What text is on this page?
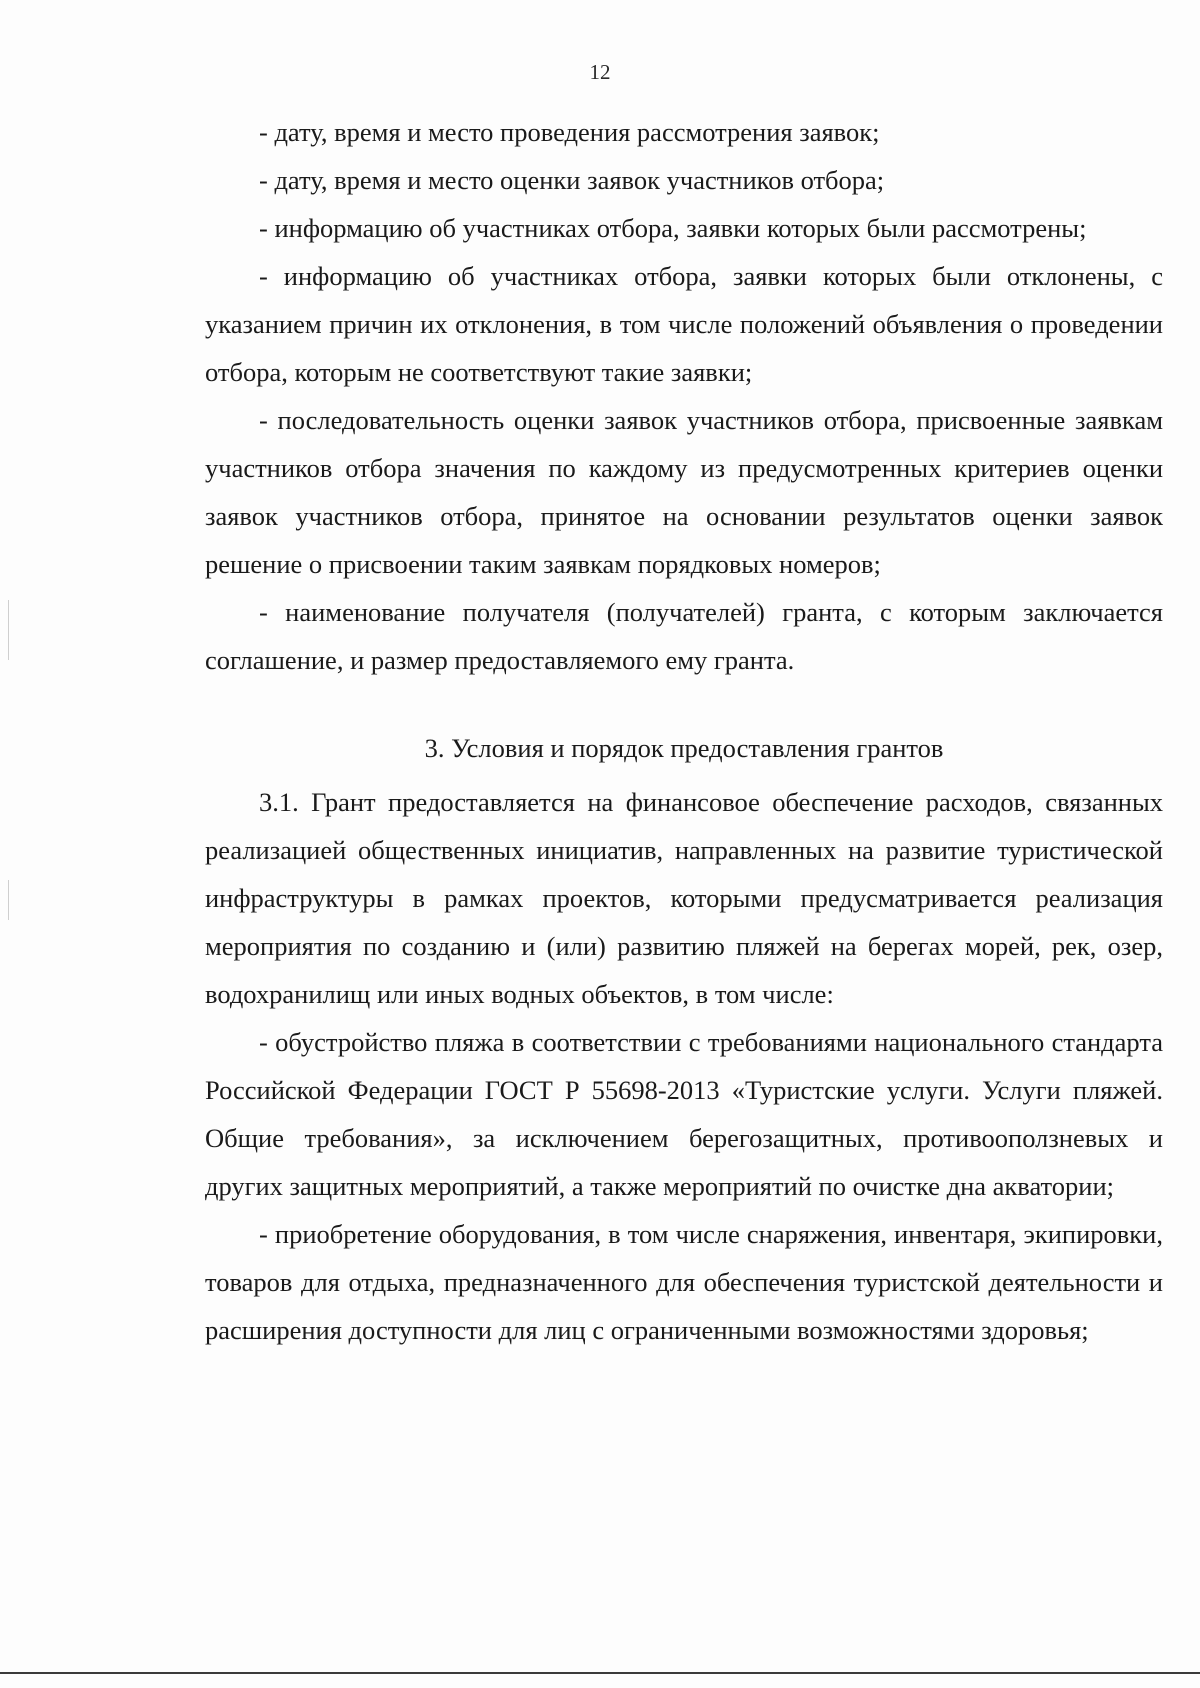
12

- дату, время и место проведения рассмотрения заявок;

- дату, время и место оценки заявок участников отбора;

- информацию об участниках отбора, заявки которых были рассмотрены;

- информацию об участниках отбора, заявки которых были отклонены, с указанием причин их отклонения, в том числе положений объявления о проведении отбора, которым не соответствуют такие заявки;

- последовательность оценки заявок участников отбора, присвоенные заявкам участников отбора значения по каждому из предусмотренных критериев оценки заявок участников отбора, принятое на основании результатов оценки заявок решение о присвоении таким заявкам порядковых номеров;

- наименование получателя (получателей) гранта, с которым заключается соглашение, и размер предоставляемого ему гранта.

3. Условия и порядок предоставления грантов

3.1. Грант предоставляется на финансовое обеспечение расходов, связанных реализацией общественных инициатив, направленных на развитие туристической инфраструктуры в рамках проектов, которыми предусматривается реализация мероприятия по созданию и (или) развитию пляжей на берегах морей, рек, озер, водохранилищ или иных водных объектов, в том числе:

- обустройство пляжа в соответствии с требованиями национального стандарта Российской Федерации ГОСТ Р 55698-2013 «Туристские услуги. Услуги пляжей. Общие требования», за исключением берегозащитных, противооползневых и других защитных мероприятий, а также мероприятий по очистке дна акватории;

- приобретение оборудования, в том числе снаряжения, инвентаря, экипировки, товаров для отдыха, предназначенного для обеспечения туристской деятельности и расширения доступности для лиц с ограниченными возможностями здоровья;
